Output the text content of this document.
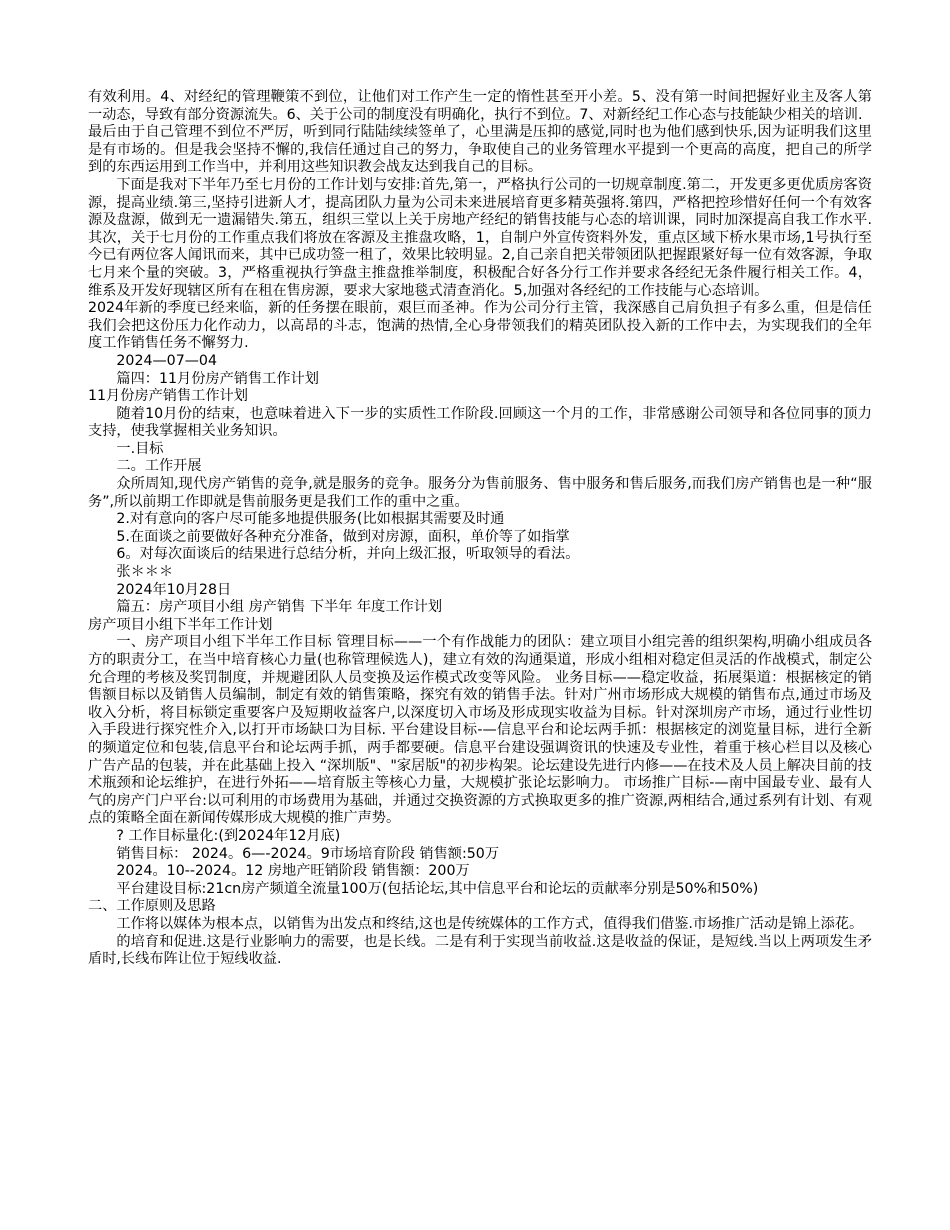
有效利用。4、对经纪的管理鞭策不到位，让他们对工作产生一定的惰性甚至开小差。5、没有第一时间把握好业主及客人第一动态，导致有部分资源流失。6、关于公司的制度没有明确化，执行不到位。7、对新经纪工作心态与技能缺少相关的培训.

最后由于自己管理不到位不严厉，听到同行陆陆续续签单了，心里满是压抑的感觉,同时也为他们感到快乐,因为证明我们这里是有市场的。但是我会坚持不懈的,我信任通过自己的努力，争取使自己的业务管理水平提到一个更高的高度，把自己的所学到的东西运用到工作当中，并利用这些知识教会战友达到我自己的目标。

下面是我对下半年乃至七月份的工作计划与安排:首先,第一，严格执行公司的一切规章制度.第二，开发更多更优质房客资源，提高业绩.第三,坚持引进新人才，提高团队力量为公司未来进展培育更多精英强将.第四，严格把控珍惜好任何一个有效客源及盘源，做到无一遗漏错失.第五，组织三堂以上关于房地产经纪的销售技能与心态的培训课，同时加深提高自我工作水平.其次，关于七月份的工作重点我们将放在客源及主推盘攻略，1，自制户外宣传资料外发，重点区域下桥水果市场,1号执行至今已有两位客人闻讯而来，其中已成功签一租了，效果比较明显。2,自己亲自把关带领团队把握跟紧好每一位有效客源，争取七月来个量的突破。3，严格重视执行笋盘主推盘推举制度，积极配合好各分行工作并要求各经纪无条件履行相关工作。4，维系及开发好现辖区所有在租在售房源，要求大家地毯式清查消化。5,加强对各经纪的工作技能与心态培训。

2024年新的季度已经来临，新的任务摆在眼前，艰巨而圣神。作为公司分行主管，我深感自己肩负担子有多么重，但是信任我们会把这份压力化作动力，以高昂的斗志，饱满的热情,全心身带领我们的精英团队投入新的工作中去，为实现我们的全年度工作销售任务不懈努力.

2024—07—04

篇四：11月份房产销售工作计划

11月份房产销售工作计划

随着10月份的结束，也意味着进入下一步的实质性工作阶段.回顾这一个月的工作，非常感谢公司领导和各位同事的顶力支持，使我掌握相关业务知识。

一.目标

二。工作开展

众所周知,现代房产销售的竞争,就是服务的竞争。服务分为售前服务、售中服务和售后服务,而我们房产销售也是一种“服务”,所以前期工作即就是售前服务更是我们工作的重中之重。

2.对有意向的客户尽可能多地提供服务(比如根据其需要及时通

5.在面谈之前要做好各种充分准备，做到对房源，面积，单价等了如指掌

6。对每次面谈后的结果进行总结分析，并向上级汇报，听取领导的看法。

张＊＊＊

2024年10月28日

篇五：房产项目小组 房产销售 下半年 年度工作计划

房产项目小组下半年工作计划

一、房产项目小组下半年工作目标 管理目标——一个有作战能力的团队：建立项目小组完善的组织架构,明确小组成员各方的职责分工，在当中培育核心力量(也称管理候选人)，建立有效的沟通渠道，形成小组相对稳定但灵活的作战模式，制定公允合理的考核及奖罚制度，并规避团队人员变换及运作模式改变等风险。 业务目标——稳定收益，拓展渠道：根据核定的销售额目标以及销售人员编制，制定有效的销售策略，探究有效的销售手法。针对广州市场形成大规模的销售布点,通过市场及收入分析，将目标锁定重要客户及短期收益客户,以深度切入市场及形成现实收益为目标。针对深圳房产市场，通过行业性切入手段进行探究性介入,以打开市场缺口为目标. 平台建设目标-—信息平台和论坛两手抓：根据核定的浏览量目标，进行全新的频道定位和包装,信息平台和论坛两手抓，两手都要硬。信息平台建设强调资讯的快速及专业性，着重于核心栏目以及核心广告产品的包装，并在此基础上投入 “深圳版"、"家居版"的初步构架。论坛建设先进行内修——在技术及人员上解决目前的技术瓶颈和论坛维护，在进行外拓——培育版主等核心力量，大规模扩张论坛影响力。 市场推广目标-—南中国最专业、最有人气的房产门户平台:以可利用的市场费用为基础，并通过交换资源的方式换取更多的推广资源,两相结合,通过系列有计划、有观点的策略全面在新闻传媒形成大规模的推广声势。

? 工作目标量化:(到2024年12月底)

销售目标： 2024。6—-2024。9市场培育阶段 销售额:50万

2024。10--2024。12 房地产旺销阶段 销售额：200万

平台建设目标:21cn房产频道全流量100万(包括论坛,其中信息平台和论坛的贡献率分别是50%和50%)

二、工作原则及思路

工作将以媒体为根本点，以销售为出发点和终结,这也是传统媒体的工作方式，值得我们借鉴.市场推广活动是锦上添花。

的培育和促进.这是行业影响力的需要，也是长线。二是有利于实现当前收益.这是收益的保证，是短线.当以上两项发生矛盾时,长线布阵让位于短线收益.
